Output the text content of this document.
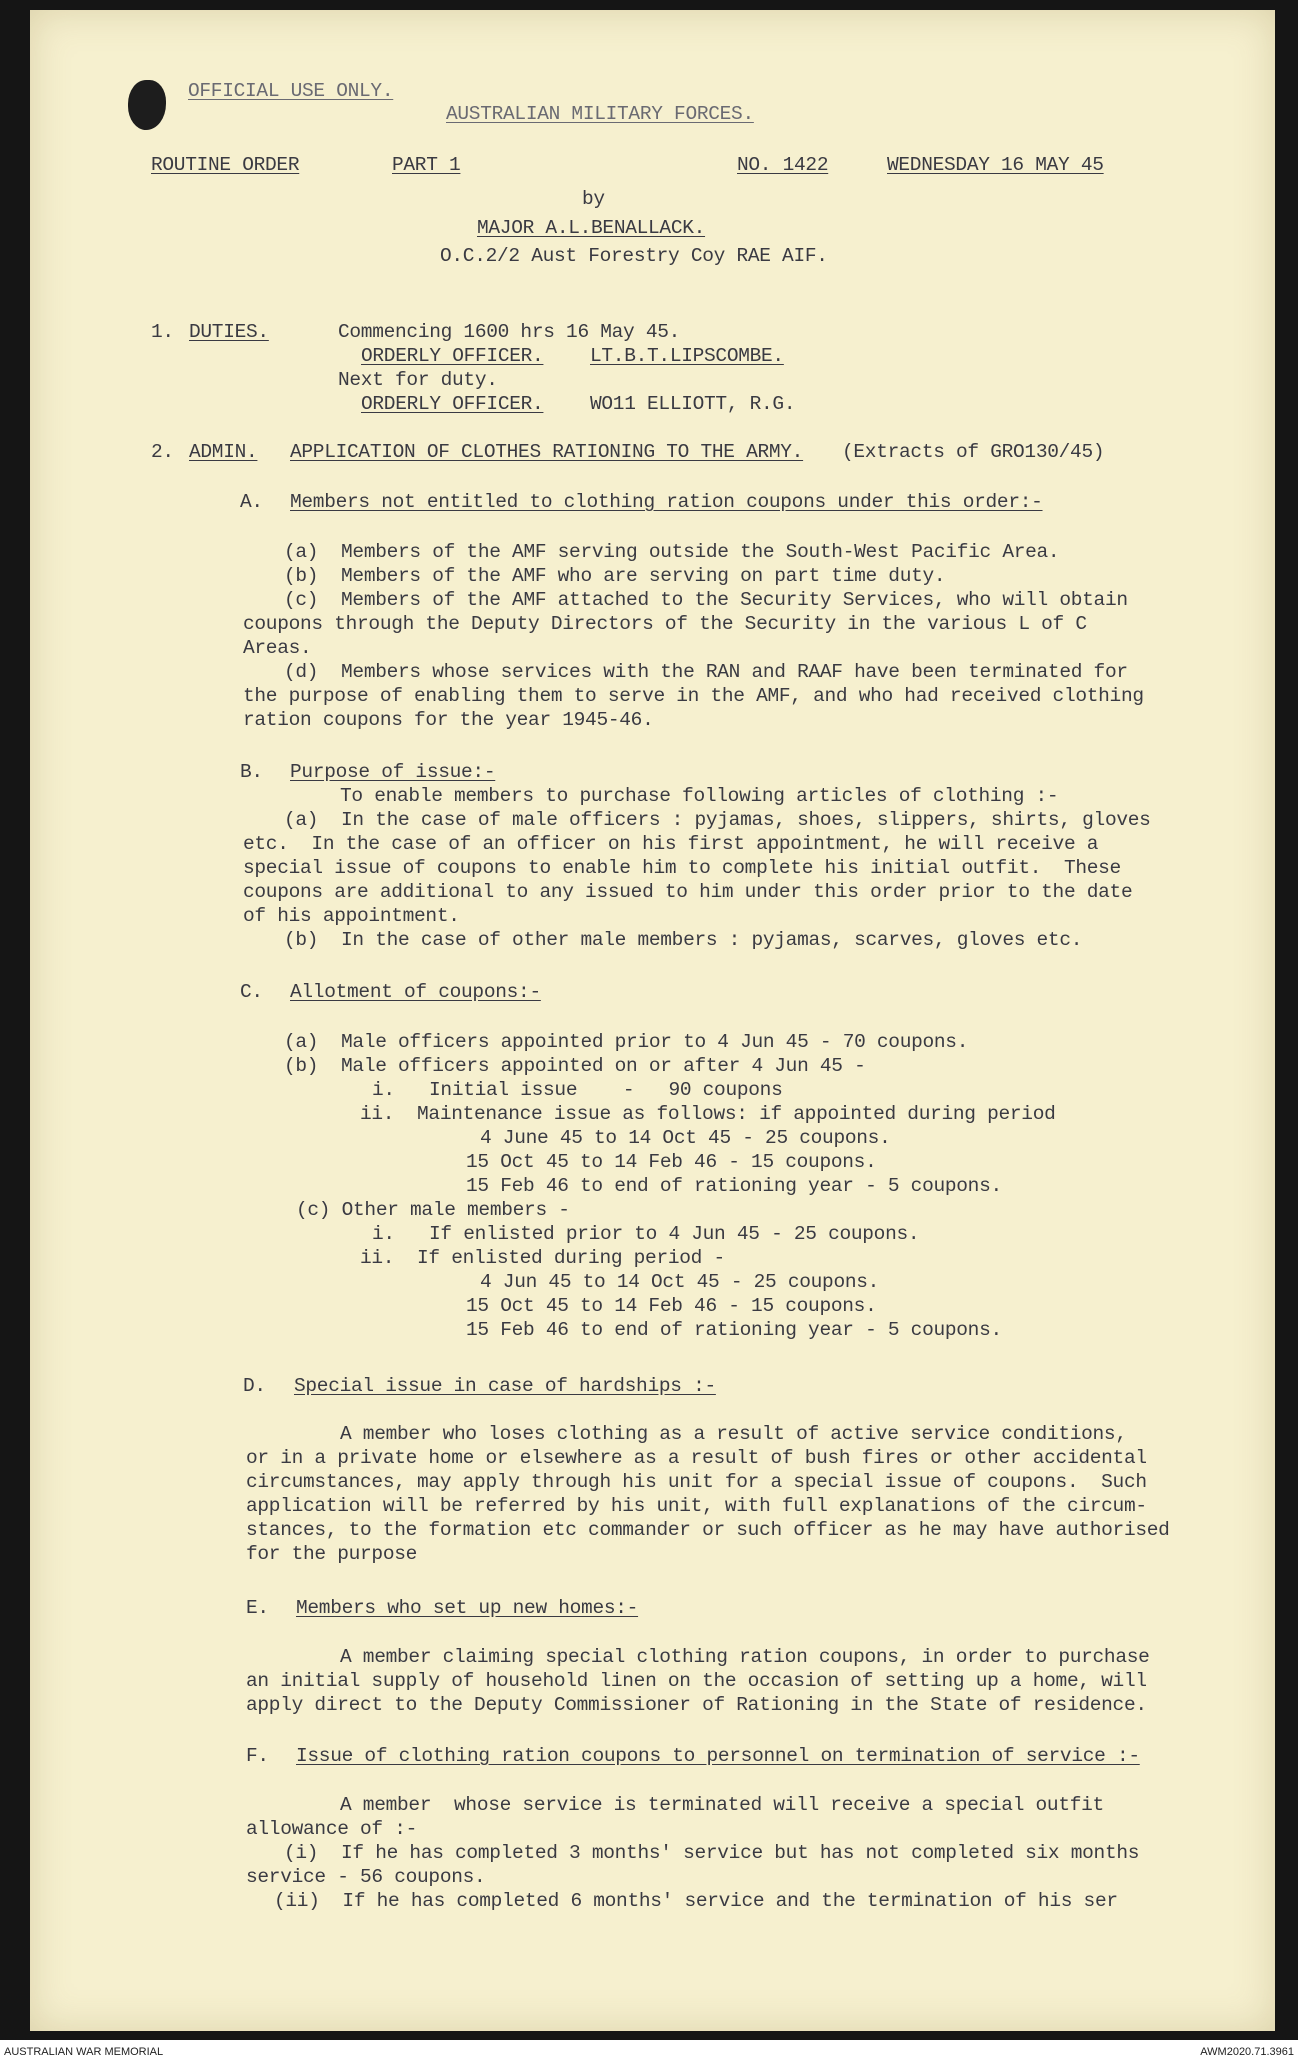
OFFICIAL USE ONLY.
AUSTRALIAN MILITARY FORCES.
ROUTINE ORDER	PART 1	NO. 1422	WEDNESDAY 16 MAY 45
by
MAJOR A.L.BENALLACK.
O.C.2/2 Aust Forestry Coy RAE AIF.
1. DUTIES.	Commencing 1600 hrs 16 May 45.
ORDERLY OFFICER. LT.B.T.LIPSCOMBE.
Next for duty.
ORDERLY OFFICER. WO11 ELLIOTT, R.G.
2. ADMIN. APPLICATION OF CLOTHES RATIONING TO THE ARMY. (Extracts of GRO130/45)
A. Members not entitled to clothing ration coupons under this order:-
(a)  Members of the AMF serving outside the South-West Pacific Area.
(b)  Members of the AMF who are serving on part time duty.
(c)  Members of the AMF attached to the Security Services, who will obtain
coupons through the Deputy Directors of the Security in the various L of C
Areas.
(d)  Members whose services with the RAN and RAAF have been terminated for
the purpose of enabling them to serve in the AMF, and who had received clothing
ration coupons for the year 1945-46.
B. Purpose of issue:-
To enable members to purchase following articles of clothing :-
(a)  In the case of male officers : pyjamas, shoes, slippers, shirts, gloves
etc.  In the case of an officer on his first appointment, he will receive a
special issue of coupons to enable him to complete his initial outfit.  These
coupons are additional to any issued to him under this order prior to the date
of his appointment.
(b)  In the case of other male members : pyjamas, scarves, gloves etc.
C. Allotment of coupons:-
(a)  Male officers appointed prior to 4 Jun 45 - 70 coupons.
(b)  Male officers appointed on or after 4 Jun 45 -
i.   Initial issue    -   90 coupons
ii.  Maintenance issue as follows: if appointed during period
4 June 45 to 14 Oct 45 - 25 coupons.
15 Oct 45 to 14 Feb 46 - 15 coupons.
15 Feb 46 to end of rationing year - 5 coupons.
(c) Other male members -
i.   If enlisted prior to 4 Jun 45 - 25 coupons.
ii.  If enlisted during period -
4 Jun 45 to 14 Oct 45 - 25 coupons.
15 Oct 45 to 14 Feb 46 - 15 coupons.
15 Feb 46 to end of rationing year - 5 coupons.
D. Special issue in case of hardships :-
A member who loses clothing as a result of active service conditions,
or in a private home or elsewhere as a result of bush fires or other accidental
circumstances, may apply through his unit for a special issue of coupons.  Such
application will be referred by his unit, with full explanations of the circum-
stances, to the formation etc commander or such officer as he may have authorised
for the purpose
E. Members who set up new homes:-
A member claiming special clothing ration coupons, in order to purchase
an initial supply of household linen on the occasion of setting up a home, will
apply direct to the Deputy Commissioner of Rationing in the State of residence.
F. Issue of clothing ration coupons to personnel on termination of service :-
A member  whose service is terminated will receive a special outfit
allowance of :-
(i)  If he has completed 3 months' service but has not completed six months
service - 56 coupons.
(ii)  If he has completed 6 months' service and the termination of his ser
AUSTRALIAN WAR MEMORIAL	AWM2020.71.3961
